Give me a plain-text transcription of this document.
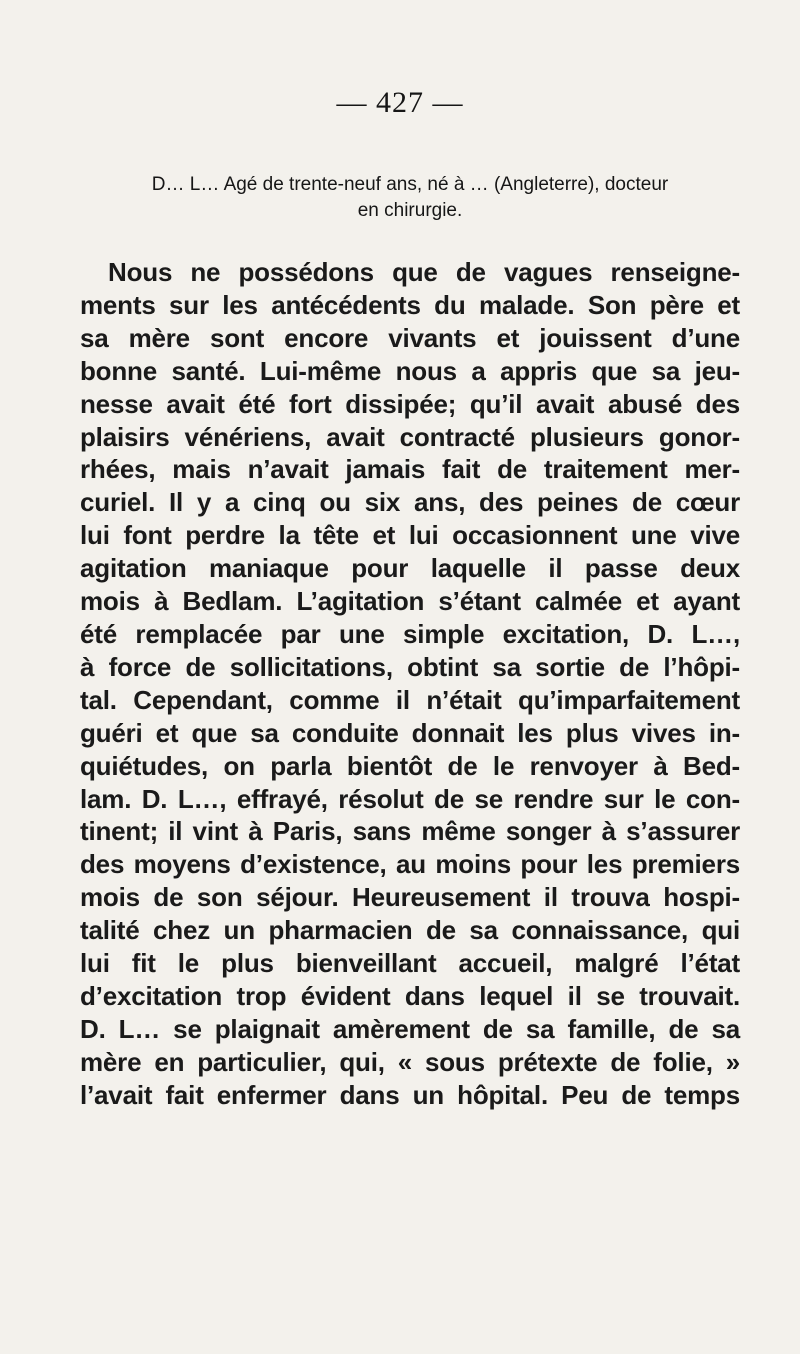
— 427 —
D… L… Agé de trente-neuf ans, né à … (Angleterre), docteur
en chirurgie.
Nous ne possédons que de vagues renseigne-
ments sur les antécédents du malade. Son père et
sa mère sont encore vivants et jouissent d’une
bonne santé. Lui-même nous a appris que sa jeu-
nesse avait été fort dissipée; qu’il avait abusé des
plaisirs vénériens, avait contracté plusieurs gonor-
rhées, mais n’avait jamais fait de traitement mer-
curiel. Il y a cinq ou six ans, des peines de cœur
lui font perdre la tête et lui occasionnent une vive
agitation maniaque pour laquelle il passe deux
mois à Bedlam. L’agitation s’étant calmée et ayant
été remplacée par une simple excitation, D. L…,
à force de sollicitations, obtint sa sortie de l’hôpi-
tal. Cependant, comme il n’était qu’imparfaitement
guéri et que sa conduite donnait les plus vives in-
quiétudes, on parla bientôt de le renvoyer à Bed-
lam. D. L…, effrayé, résolut de se rendre sur le con-
tinent; il vint à Paris, sans même songer à s’assurer
des moyens d’existence, au moins pour les premiers
mois de son séjour. Heureusement il trouva hospi-
talité chez un pharmacien de sa connaissance, qui
lui fit le plus bienveillant accueil, malgré l’état
d’excitation trop évident dans lequel il se trouvait.
D. L… se plaignait amèrement de sa famille, de sa
mère en particulier, qui, « sous prétexte de folie, »
l’avait fait enfermer dans un hôpital. Peu de temps
